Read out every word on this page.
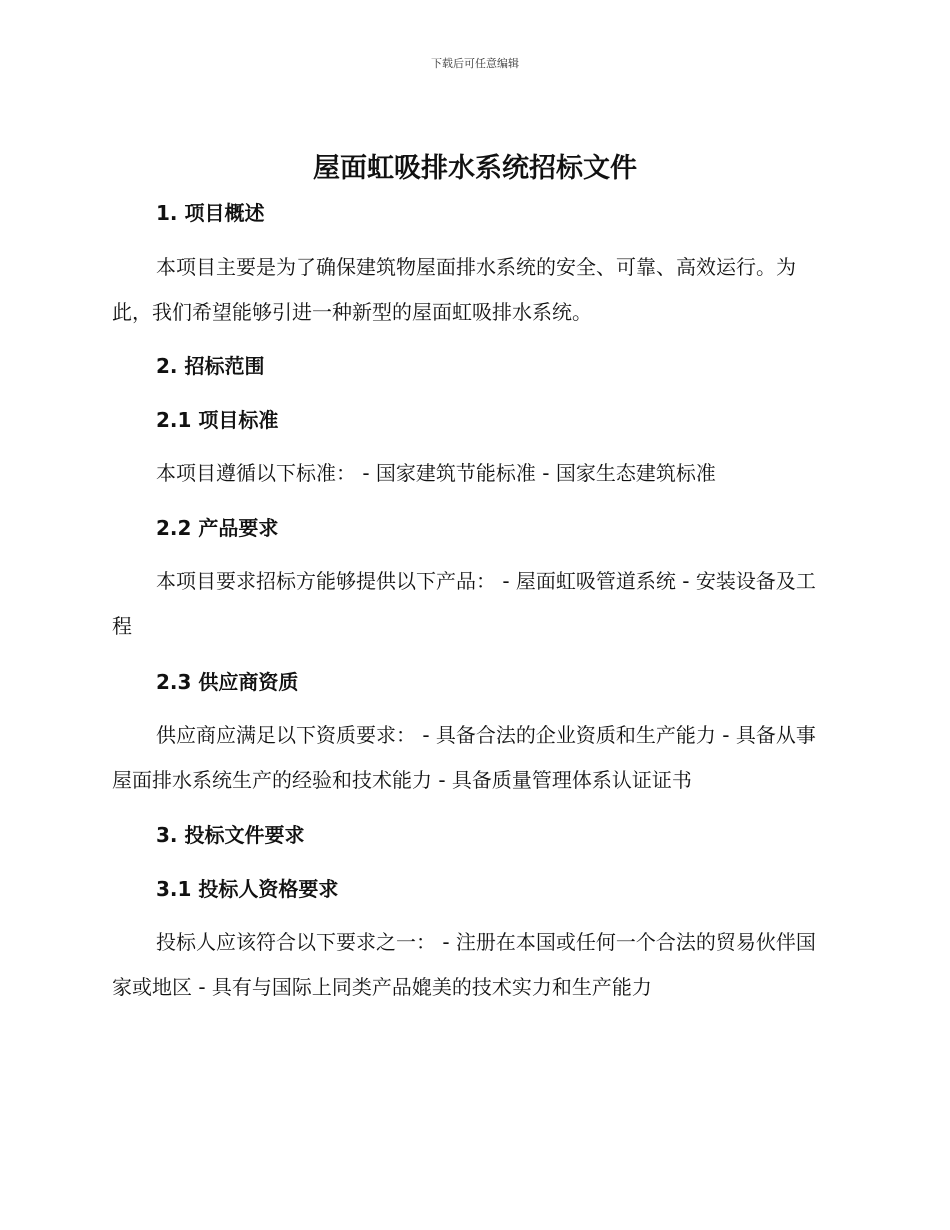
下载后可任意编辑
屋面虹吸排水系统招标文件
1. 项目概述

本项目主要是为了确保建筑物屋面排水系统的安全、可靠、高效运行。为此，我们希望能够引进一种新型的屋面虹吸排水系统。

2. 招标范围
2.1 项目标准

本项目遵循以下标准： - 国家建筑节能标准 - 国家生态建筑标准

2.2 产品要求

本项目要求招标方能够提供以下产品： - 屋面虹吸管道系统 - 安装设备及工程

2.3 供应商资质

供应商应满足以下资质要求： - 具备合法的企业资质和生产能力 - 具备从事屋面排水系统生产的经验和技术能力 - 具备质量管理体系认证证书

3. 投标文件要求
3.1 投标人资格要求

投标人应该符合以下要求之一： - 注册在本国或任何一个合法的贸易伙伴国家或地区 - 具有与国际上同类产品媲美的技术实力和生产能力
